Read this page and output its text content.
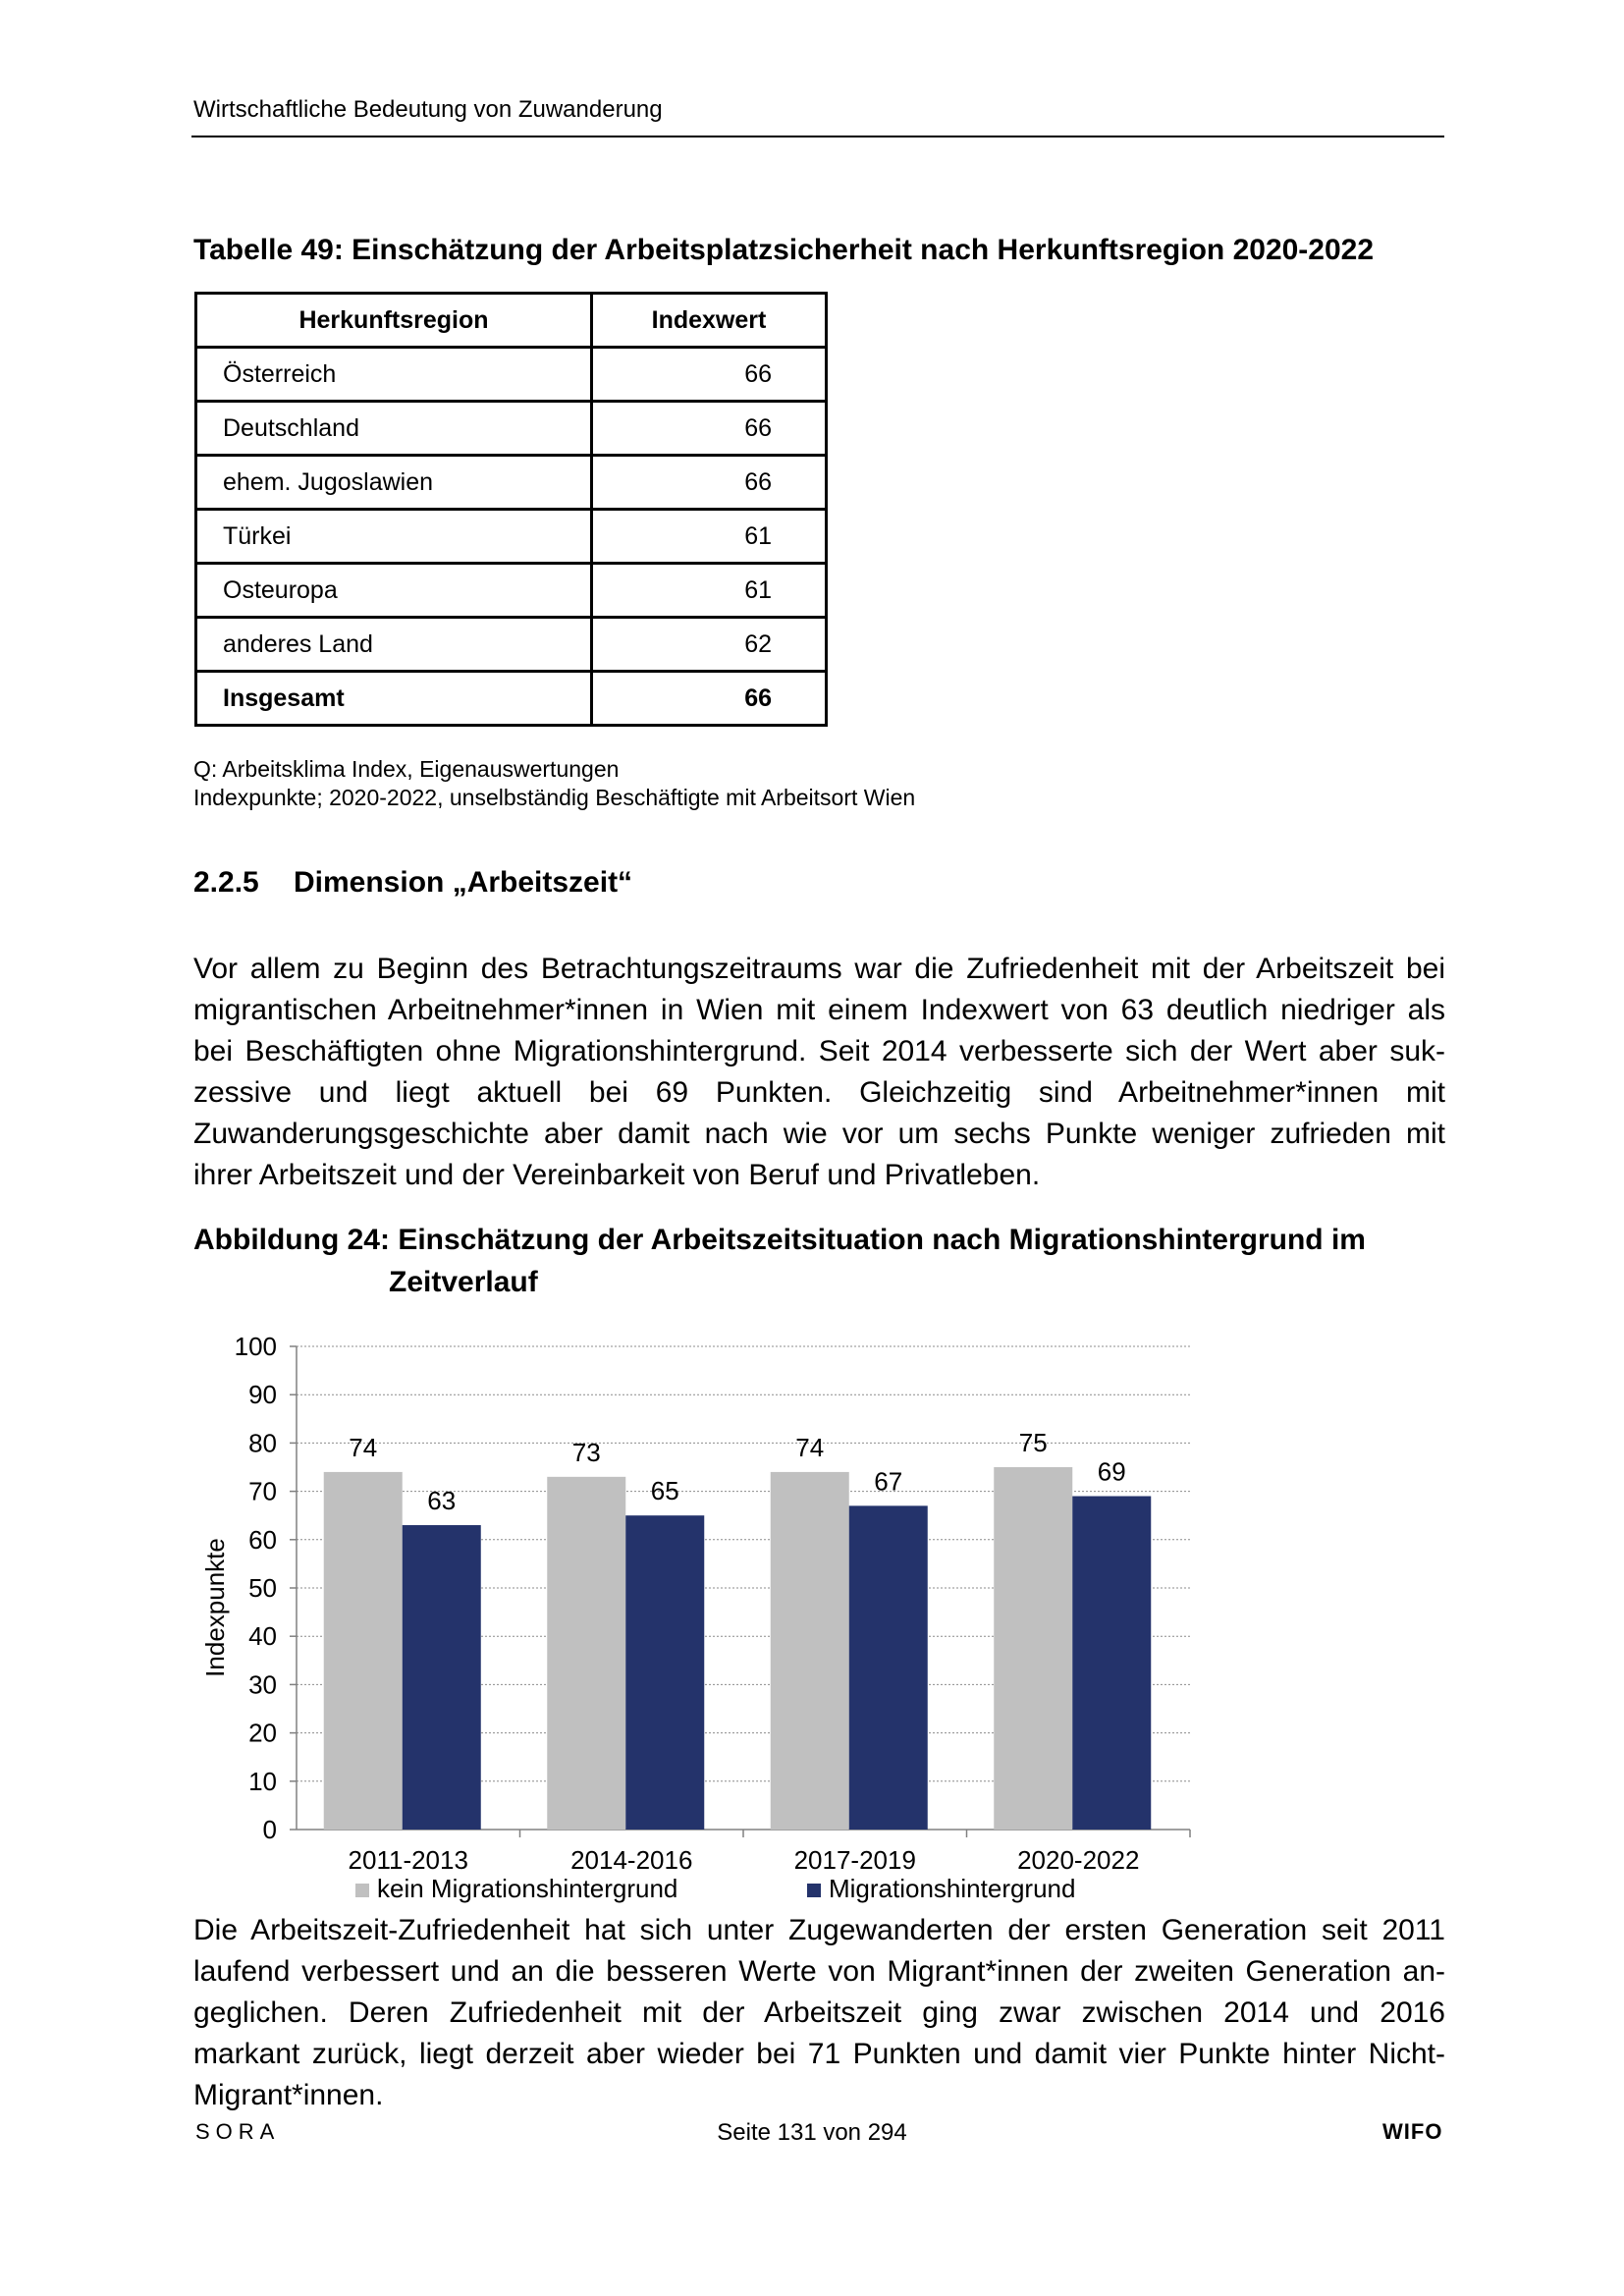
Wirtschaftliche Bedeutung von Zuwanderung
Tabelle 49: Einschätzung der Arbeitsplatzsicherheit nach Herkunftsregion 2020-2022
Herkunftsregion	Indexwert
Österreich	66
Deutschland	66
ehem. Jugoslawien	66
Türkei	61
Osteuropa	61
anderes Land	62
Insgesamt	66
Q: Arbeitsklima Index, Eigenauswertungen
Indexpunkte; 2020-2022, unselbständig Beschäftigte mit Arbeitsort Wien
2.2.5 Dimension „Arbeitszeit“
Vor allem zu Beginn des Betrachtungszeitraums war die Zufriedenheit mit der Arbeitszeit bei
migrantischen Arbeitnehmer*innen in Wien mit einem Indexwert von 63 deutlich niedriger als
bei Beschäftigten ohne Migrationshintergrund. Seit 2014 verbesserte sich der Wert aber suk-
zessive und liegt aktuell bei 69 Punkten. Gleichzeitig sind Arbeitnehmer*innen mit
Zuwanderungsgeschichte aber damit nach wie vor um sechs Punkte weniger zufrieden mit
ihrer Arbeitszeit und der Vereinbarkeit von Beruf und Privatleben.
Abbildung 24: Einschätzung der Arbeitszeitsituation nach Migrationshintergrund im
Zeitverlauf
0
10
20
30
40
50
60
70
80
90
100
Indexpunkte
2011-2013	2014-2016	2017-2019	2020-2022
74
63
73
65
74
67
75
69
kein Migrationshintergrund	Migrationshintergrund
Die Arbeitszeit-Zufriedenheit hat sich unter Zugewanderten der ersten Generation seit 2011
laufend verbessert und an die besseren Werte von Migrant*innen der zweiten Generation an-
geglichen. Deren Zufriedenheit mit der Arbeitszeit ging zwar zwischen 2014 und 2016
markant zurück, liegt derzeit aber wieder bei 71 Punkten und damit vier Punkte hinter Nicht-
Migrant*innen.
SORA	Seite 131 von 294	WIFO
